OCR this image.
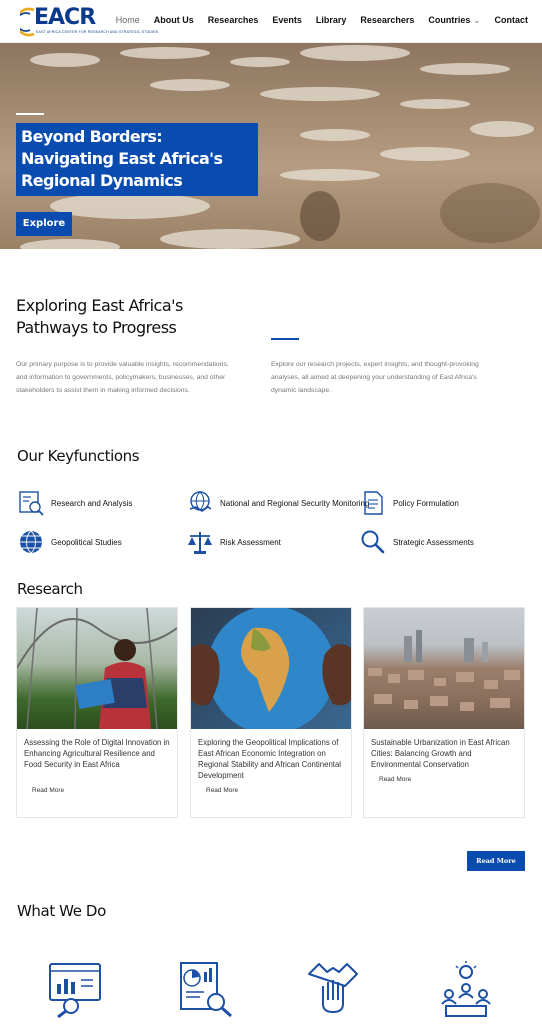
EACR
EAST AFRICA CENTER FOR RESEARCH AND STRATEGIC STUDIES
Home About Us Researches Events Library Researchers Countries ⌄ Contact
Beyond Borders: Navigating East Africa's Regional Dynamics
Explore
Exploring East Africa's Pathways to Progress

Our primary purpose is to provide valuable insights, recommendations, and information to governments, policymakers, businesses, and other stakeholders to assist them in making informed decisions.

Explore our research projects, expert insights, and thought-provoking analyses, all aimed at deepening your understanding of East Africa's dynamic landscape.

Our Keyfunctions
Research and Analysis	National and Regional Security Monitoring	Policy Formulation
Geopolitical Studies	Risk Assessment	Strategic Assessments
Research
Assessing the Role of Digital Innovation in Enhancing Agricultural Resilience and Food Security in East Africa
Read More
Exploring the Geopolitical Implications of East African Economic Integration on Regional Stability and African Continental Development
Read More
Sustainable Urbanization in East African Cities: Balancing Growth and Environmental Conservation
Read More
Read More
What We Do
